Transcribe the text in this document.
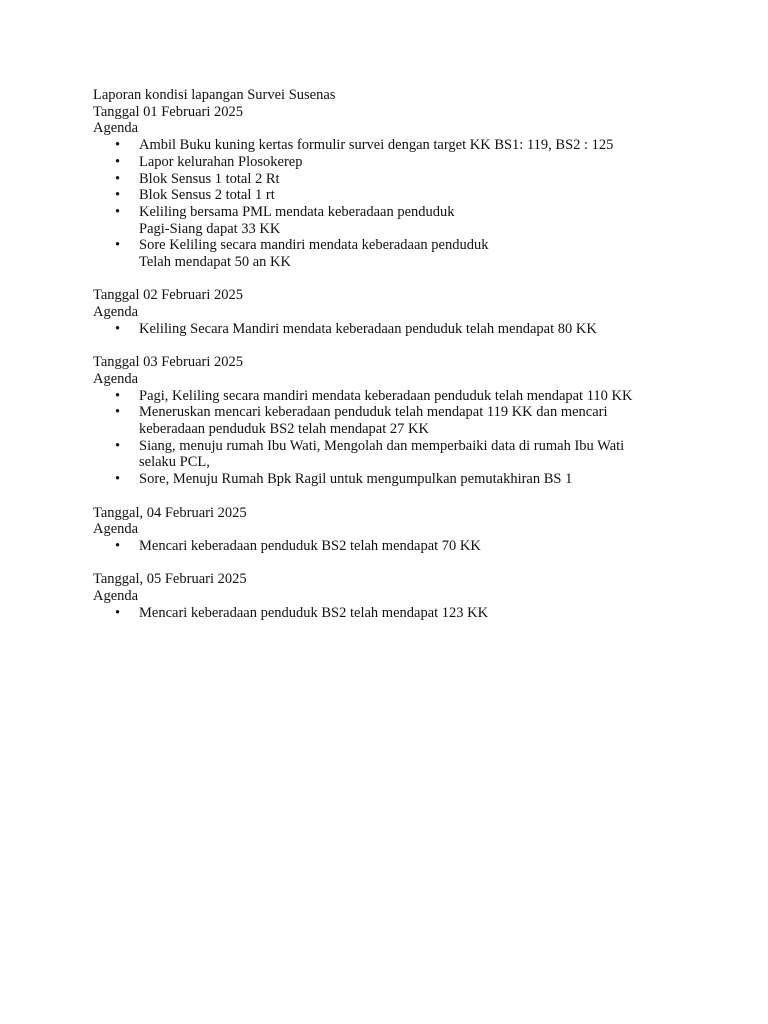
Laporan kondisi lapangan Survei Susenas
Tanggal 01 Februari 2025
Agenda
• Ambil Buku kuning kertas formulir survei dengan target KK BS1: 119, BS2 : 125
• Lapor kelurahan Plosokerep
• Blok Sensus 1 total 2 Rt
• Blok Sensus 2 total 1 rt
• Keliling bersama PML mendata keberadaan penduduk
Pagi-Siang dapat 33 KK
• Sore Keliling secara mandiri mendata keberadaan penduduk
Telah mendapat 50 an KK
Tanggal 02 Februari 2025
Agenda
• Keliling Secara Mandiri mendata keberadaan penduduk telah mendapat 80 KK
Tanggal 03 Februari 2025
Agenda
• Pagi, Keliling secara mandiri mendata keberadaan penduduk telah mendapat 110 KK
• Meneruskan mencari keberadaan penduduk telah mendapat 119 KK dan mencari
keberadaan penduduk BS2 telah mendapat 27 KK
• Siang, menuju rumah Ibu Wati, Mengolah dan memperbaiki data di rumah Ibu Wati
selaku PCL,
• Sore, Menuju Rumah Bpk Ragil untuk mengumpulkan pemutakhiran BS 1
Tanggal, 04 Februari 2025
Agenda
• Mencari keberadaan penduduk BS2 telah mendapat 70 KK
Tanggal, 05 Februari 2025
Agenda
• Mencari keberadaan penduduk BS2 telah mendapat 123 KK
